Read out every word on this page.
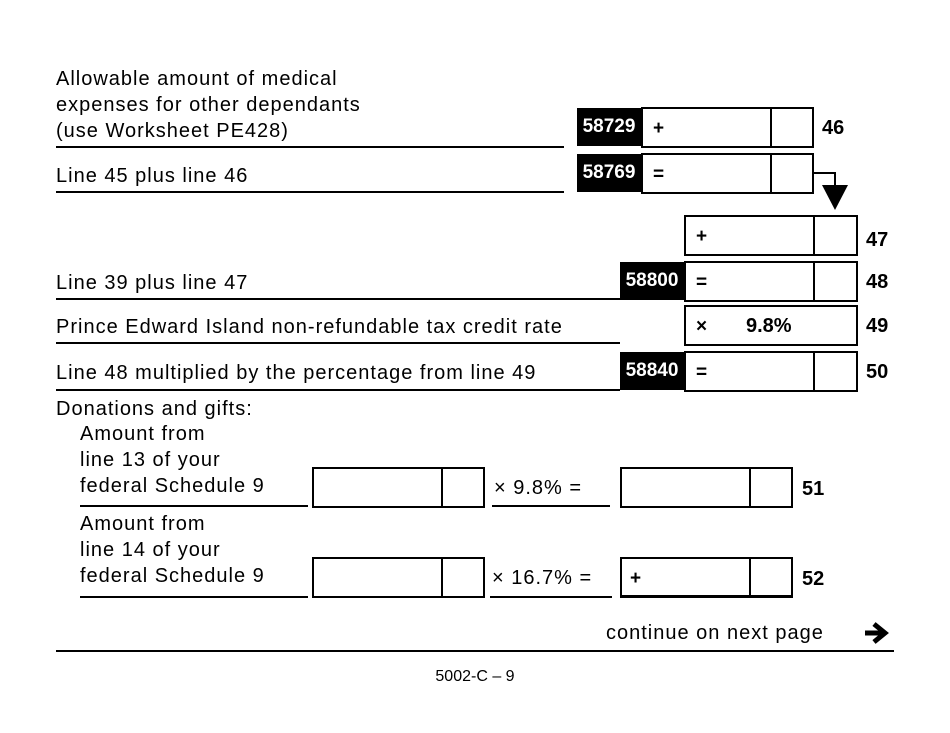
Allowable amount of medical
expenses for other dependants
(use Worksheet PE428)	58729 +	46
Line 45 plus line 46	58769 =
+	47
Line 39 plus line 47	58800 =	48
Prince Edward Island non-refundable tax credit rate	× 9.8%	49
Line 48 multiplied by the percentage from line 49	58840 =	50
Donations and gifts:
Amount from
line 13 of your
federal Schedule 9	× 9.8% =	51
Amount from
line 14 of your
federal Schedule 9	× 16.7% = +	52
continue on next page
5002-C – 9
